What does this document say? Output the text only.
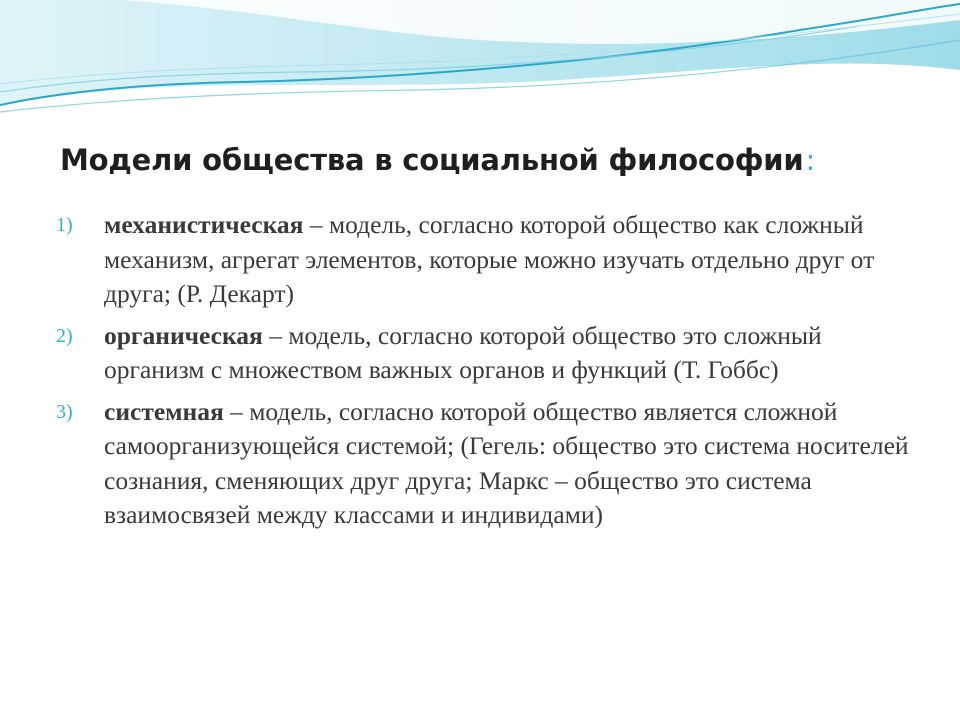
Модели общества в социальной философии:
1) механистическая – модель, согласно которой общество как сложный механизм, агрегат элементов, которые можно изучать отдельно друг от друга; (Р. Декарт)
2) органическая – модель, согласно которой общество это сложный организм с множеством важных органов и функций (Т. Гоббс)
3) системная – модель, согласно которой общество является сложной самоорганизующейся системой; (Гегель: общество это система носителей сознания, сменяющих друг друга; Маркс – общество это система взаимосвязей между классами и индивидами)
